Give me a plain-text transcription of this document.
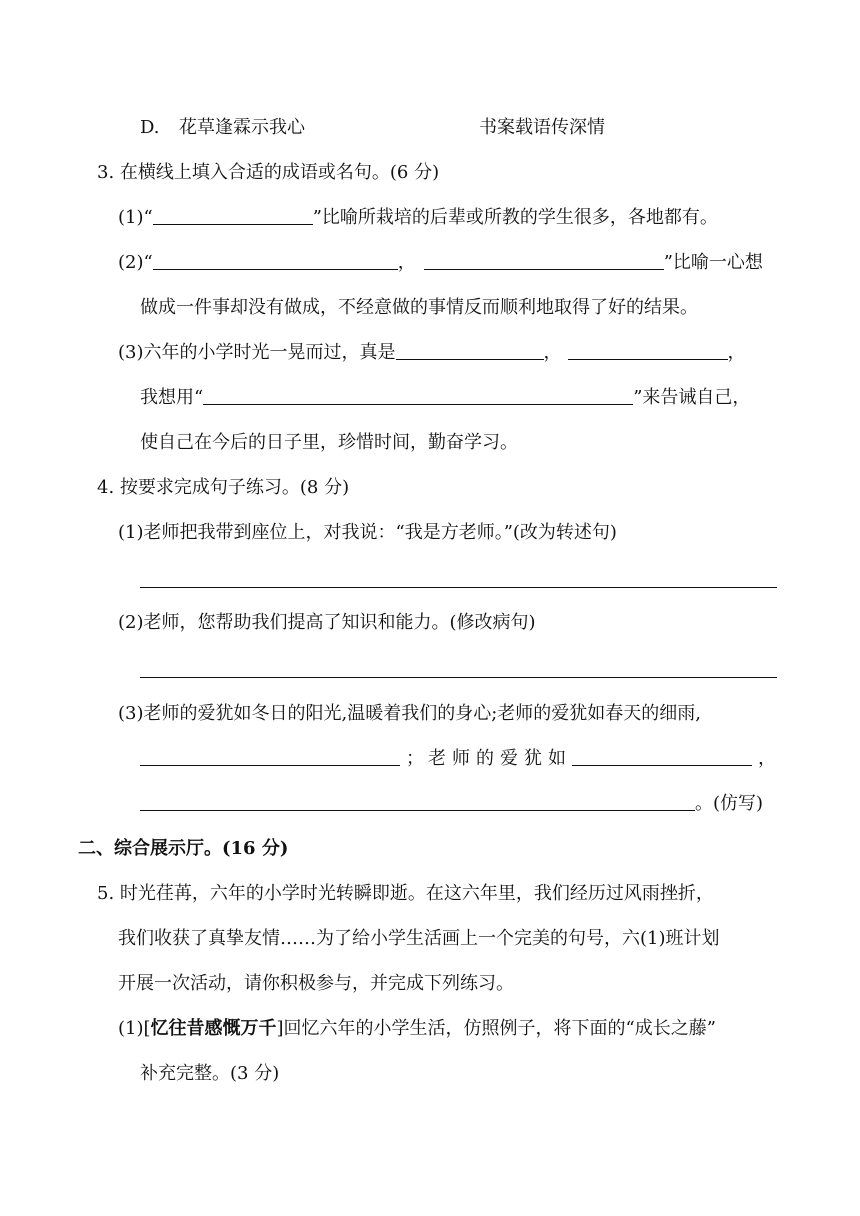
D. 花草逢霖示我心	书案载语传深情
3. 在横线上填入合适的成语或名句。(6 分)
(1)“	”比喻所栽培的后辈或所教的学生很多，各地都有。
(2)“	，	”比喻一心想
做成一件事却没有做成，不经意做的事情反而顺利地取得了好的结果。
(3)六年的小学时光一晃而过，真是	，	，
我想用“	”来告诫自己，
使自己在今后的日子里，珍惜时间，勤奋学习。
4. 按要求完成句子练习。(8 分)
(1)老师把我带到座位上，对我说：“我是方老师。”(改为转述句)
(2)老师，您帮助我们提高了知识和能力。(修改病句)
(3)老师的爱犹如冬日的阳光,温暖着我们的身心;老师的爱犹如春天的细雨,
； 老师的爱犹如	，
。(仿写)
二、综合展示厅。(16 分)
5. 时光荏苒，六年的小学时光转瞬即逝。在这六年里，我们经历过风雨挫折，
我们收获了真挚友情……为了给小学生活画上一个完美的句号，六(1)班计划
开展一次活动，请你积极参与，并完成下列练习。
(1)[忆往昔感慨万千]回忆六年的小学生活，仿照例子，将下面的“成长之藤”
补充完整。(3 分)
